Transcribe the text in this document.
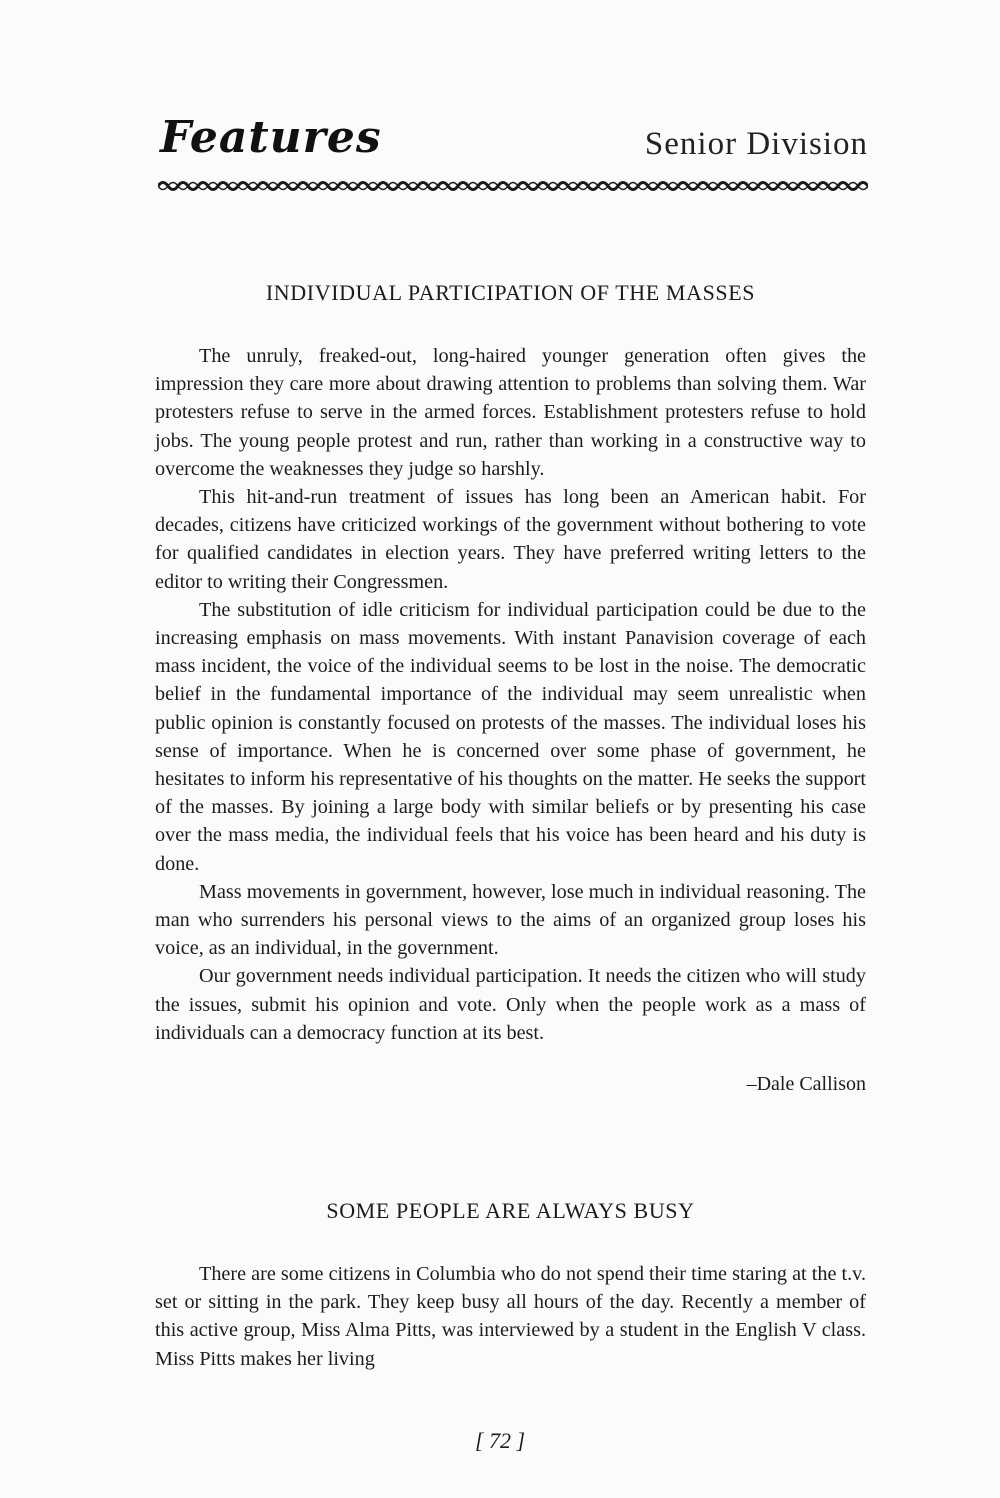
Features	Senior Division
INDIVIDUAL PARTICIPATION OF THE MASSES

The unruly, freaked-out, long-haired younger generation often gives the impression they care more about drawing attention to problems than solving them. War protesters refuse to serve in the armed forces. Establishment protesters refuse to hold jobs. The young people protest and run, rather than working in a constructive way to overcome the weaknesses they judge so harshly.

This hit-and-run treatment of issues has long been an American habit. For decades, citizens have criticized workings of the government without bothering to vote for qualified candidates in election years. They have preferred writing letters to the editor to writing their Congressmen.

The substitution of idle criticism for individual participation could be due to the increasing emphasis on mass movements. With instant Panavision coverage of each mass incident, the voice of the individual seems to be lost in the noise. The democratic belief in the fundamental importance of the individual may seem unrealistic when public opinion is constantly focused on protests of the masses. The individual loses his sense of importance. When he is concerned over some phase of government, he hesitates to inform his representative of his thoughts on the matter. He seeks the support of the masses. By joining a large body with similar beliefs or by presenting his case over the mass media, the individual feels that his voice has been heard and his duty is done.

Mass movements in government, however, lose much in individual reasoning. The man who surrenders his personal views to the aims of an organized group loses his voice, as an individual, in the government.

Our government needs individual participation. It needs the citizen who will study the issues, submit his opinion and vote. Only when the people work as a mass of individuals can a democracy function at its best.

–Dale Callison
SOME PEOPLE ARE ALWAYS BUSY

There are some citizens in Columbia who do not spend their time staring at the t.v. set or sitting in the park. They keep busy all hours of the day. Recently a member of this active group, Miss Alma Pitts, was interviewed by a student in the English V class. Miss Pitts makes her living

[ 72 ]
